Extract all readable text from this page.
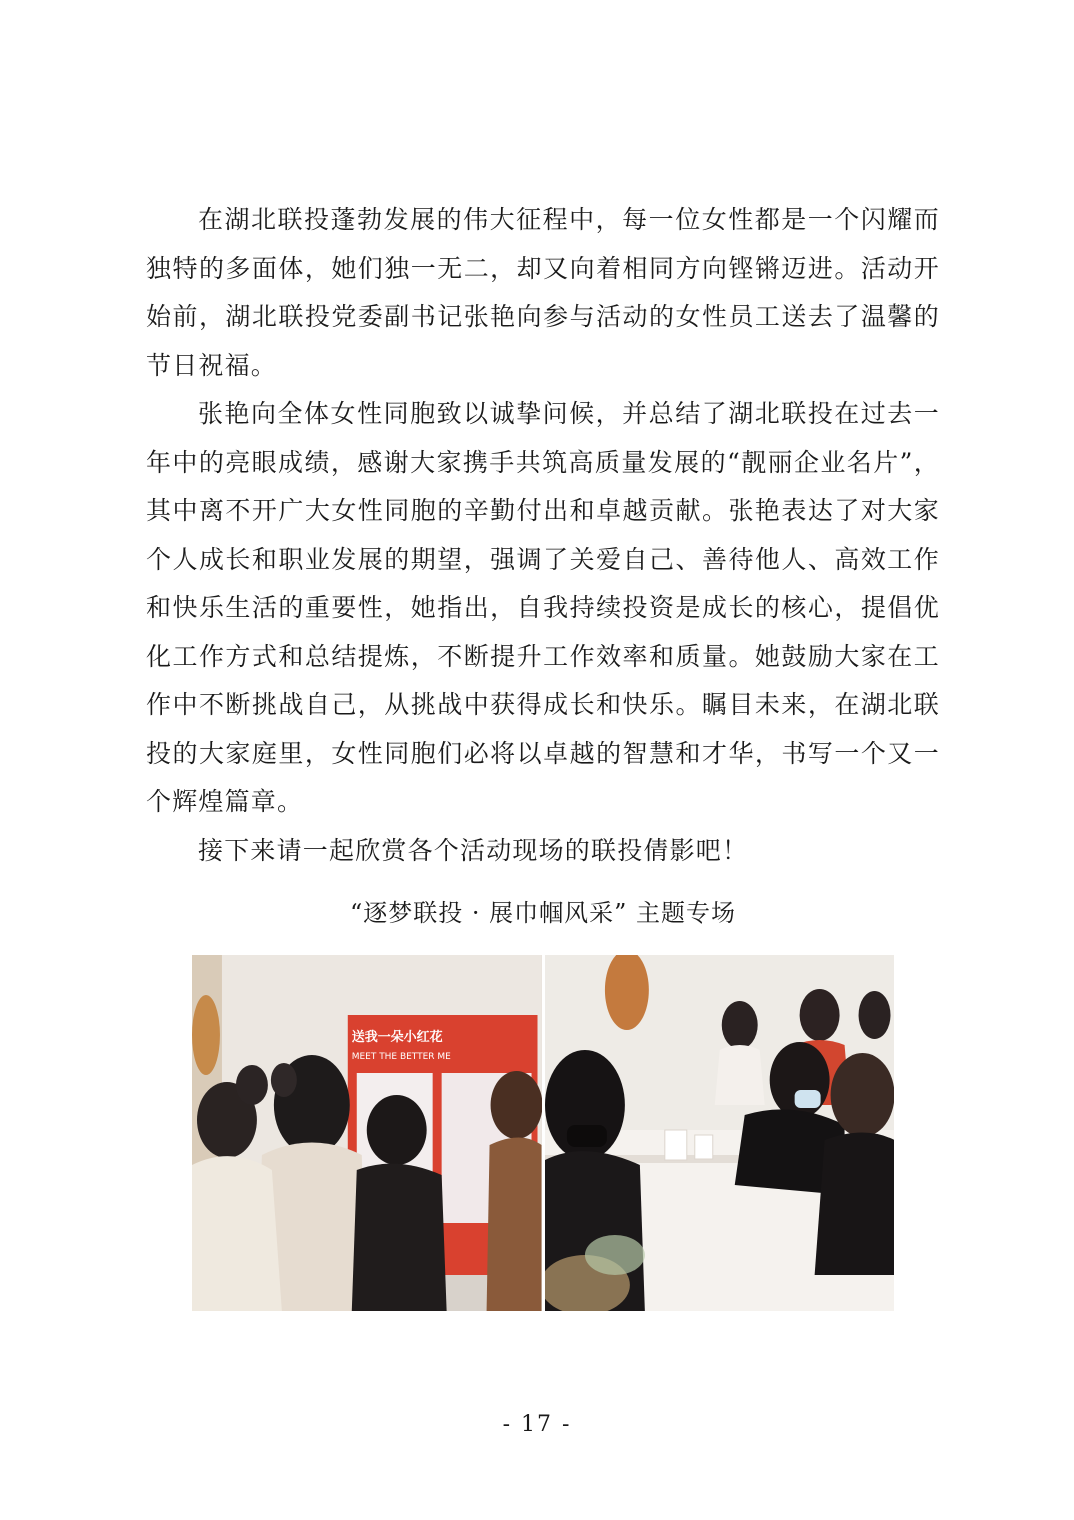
在湖北联投蓬勃发展的伟大征程中，每一位女性都是一个闪耀而独特的多面体，她们独一无二，却又向着相同方向铿锵迈进。活动开始前，湖北联投党委副书记张艳向参与活动的女性员工送去了温馨的节日祝福。

张艳向全体女性同胞致以诚挚问候，并总结了湖北联投在过去一年中的亮眼成绩，感谢大家携手共筑高质量发展的“靓丽企业名片”，其中离不开广大女性同胞的辛勤付出和卓越贡献。张艳表达了对大家个人成长和职业发展的期望，强调了关爱自己、善待他人、高效工作和快乐生活的重要性，她指出，自我持续投资是成长的核心，提倡优化工作方式和总结提炼，不断提升工作效率和质量。她鼓励大家在工作中不断挑战自己，从挑战中获得成长和快乐。瞩目未来，在湖北联投的大家庭里，女性同胞们必将以卓越的智慧和才华，书写一个又一个辉煌篇章。

接下来请一起欣赏各个活动现场的联投倩影吧！

“逐梦联投 · 展巾帼风采” 主题专场
送我一朵小红花
MEET THE BETTER ME
- 17 -
